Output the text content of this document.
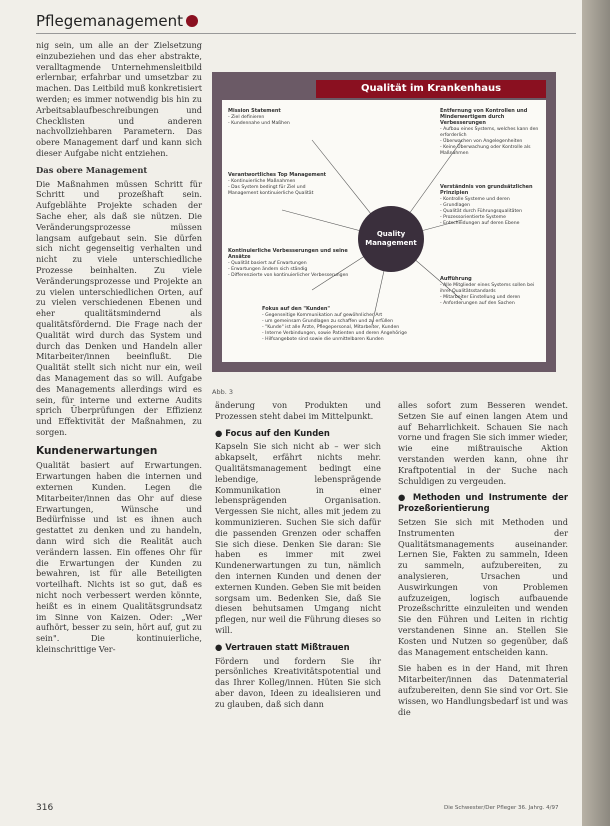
Pflegemanagement

nig sein, um alle an der Zielsetzung einzubeziehen und das eher abstrakte, veralltagmende Unternehmensleitbild erlernbar, erfahrbar und umsetzbar zu machen. Das Leitbild muß konkretisiert werden; es immer notwendig bis hin zu Arbeitsablaufbeschreibungen und Checklisten und anderen nachvollziehbaren Parametern. Das obere Management darf und kann sich dieser Aufgabe nicht entziehen.

Das obere Management

Die Maßnahmen müssen Schritt für Schritt und prozeßhaft sein. Aufgeblähte Projekte schaden der Sache eher, als daß sie nützen. Die Veränderungsprozesse müssen langsam aufgebaut sein. Sie dürfen sich nicht gegenseitig verhalten und nicht zu viele unterschiedliche Prozesse beinhalten. Zu viele Veränderungsprozesse und Projekte an zu vielen unterschiedlichen Orten, auf zu vielen verschiedenen Ebenen und eher qualitätsmindernd als qualitätsfördernd. Die Frage nach der Qualität wird durch das System und durch das Denken und Handeln aller Mitarbeiter/innen beeinflußt. Die Qualität stellt sich nicht nur ein, weil das Management das so will. Aufgabe des Managements allerdings wird es sein, für interne und externe Audits sprich Überprüfungen der Effizienz und Effektivität der Maßnahmen, zu sorgen.

Kundenerwartungen

Qualität basiert auf Erwartungen. Erwartungen haben die internen und externen Kunden. Legen die Mitarbeiter/innen das Ohr auf diese Erwartungen, Wünsche und Bedürfnisse und ist es ihnen auch gestattet zu denken und zu handeln, dann wird sich die Realität auch verändern lassen. Ein offenes Ohr für die Erwartungen der Kunden zu bewahren, ist für alle Beteiligten vorteilhaft. Nichts ist so gut, daß es nicht noch verbessert werden könnte, heißt es in einem Qualitätsgrundsatz im Sinne von Kaizen. Oder: „Wer aufhört, besser zu sein, hört auf, gut zu sein". Die kontinuierliche, kleinschrittige Ver-

Qualität im Krankenhaus
Quality Management
Mission Statement
- Ziel definieren
- Kundennahe und Maßhen
Verantwortliches Top Management
- Kontinuierliche Maßnahmen
- Das System bedingt für Ziel und Management kontinuierliche Qualität
Kontinuierliche Verbesserungen und seine Ansätze
- Qualität basiert auf Erwartungen
- Erwartungen ändern sich ständig
- Differenzierte von kontinuierlicher Verbesserungen
Fokus auf den "Kunden"
- Gegenseitige Kommunikation auf gewöhnlicher Art
- um gemeinsam Grundlagen zu schaffen und zu erfüllen
- "Kunde" ist alle Ärzte, Pflegepersonal, Mitarbeiter, Kunden
- Interne Verbindungen, sowie Patienten und deren Angehörige
- Hilfsangebote sind sowie die unmittelbaren Kunden
Entfernung von Kontrollen und Minderwertigem durch Verbesserungen
- Aufbau eines Systems, welches kann den erforderlich
- Überwachen von Angelegenheiten
- Keine Überwachung oder Kontrolle als Maßnahmen
Verständnis von grundsätzlichen Prinzipien
- Kontrolle Systeme und deren
- Grundlagen
- Qualität durch Führungsqualitäten
- Prozessorientierte Systeme
- Entscheidungen auf deren Ebene
Aufführung
- Alle Mitglieder eines Systems sollen bei ihrer Qualitätsstandards
- Mitarbeiter Einstellung und deren
- Anforderungen auf den Sachen
Abb. 3

änderung von Produkten und Prozessen steht dabei im Mittelpunkt.

● Focus auf den Kunden

Kapseln Sie sich nicht ab – wer sich abkapselt, erfährt nichts mehr. Qualitätsmanagement bedingt eine lebendige, lebensprägende Kommunikation in einer lebensprägenden Organisation. Vergessen Sie nicht, alles mit jedem zu kommunizieren. Suchen Sie sich dafür die passenden Grenzen oder schaffen Sie sich diese. Denken Sie daran: Sie haben es immer mit zwei Kundenerwartungen zu tun, nämlich den internen Kunden und denen der externen Kunden. Geben Sie mit beiden sorgsam um. Bedenken Sie, daß Sie diesen behutsamen Umgang nicht pflegen, nur weil die Führung dieses so will.

● Vertrauen statt Mißtrauen

Fördern und fordern Sie ihr persönliches Kreativitätspotential und das Ihrer Kolleg/innen. Hüten Sie sich aber davon, Ideen zu idealisieren und zu glauben, daß sich dann

alles sofort zum Besseren wendet. Setzen Sie auf einen langen Atem und auf Beharrlichkeit. Schauen Sie nach vorne und fragen Sie sich immer wieder, wie eine mißtrauische Aktion verstanden werden kann, ohne ihr Kraftpotential in der Suche nach Schuldigen zu vergeuden.

● Methoden und Instrumente der Prozeßorientierung

Setzen Sie sich mit Methoden und Instrumenten der Qualitätsmanagements auseinander. Lernen Sie, Fakten zu sammeln, Ideen zu sammeln, aufzubereiten, zu analysieren, Ursachen und Auswirkungen von Problemen aufzuzeigen, logisch aufbauende Prozeßschritte einzuleiten und wenden Sie den Führen und Leiten in richtig verstandenen Sinne an. Stellen Sie Kosten und Nutzen so gegenüber, daß das Management entscheiden kann.

Sie haben es in der Hand, mit Ihren Mitarbeiter/innen das Datenmaterial aufzubereiten, denn Sie sind vor Ort. Sie wissen, wo Handlungsbedarf ist und was die

316	Die Schwester/Der Pfleger 36. Jahrg. 4/97
